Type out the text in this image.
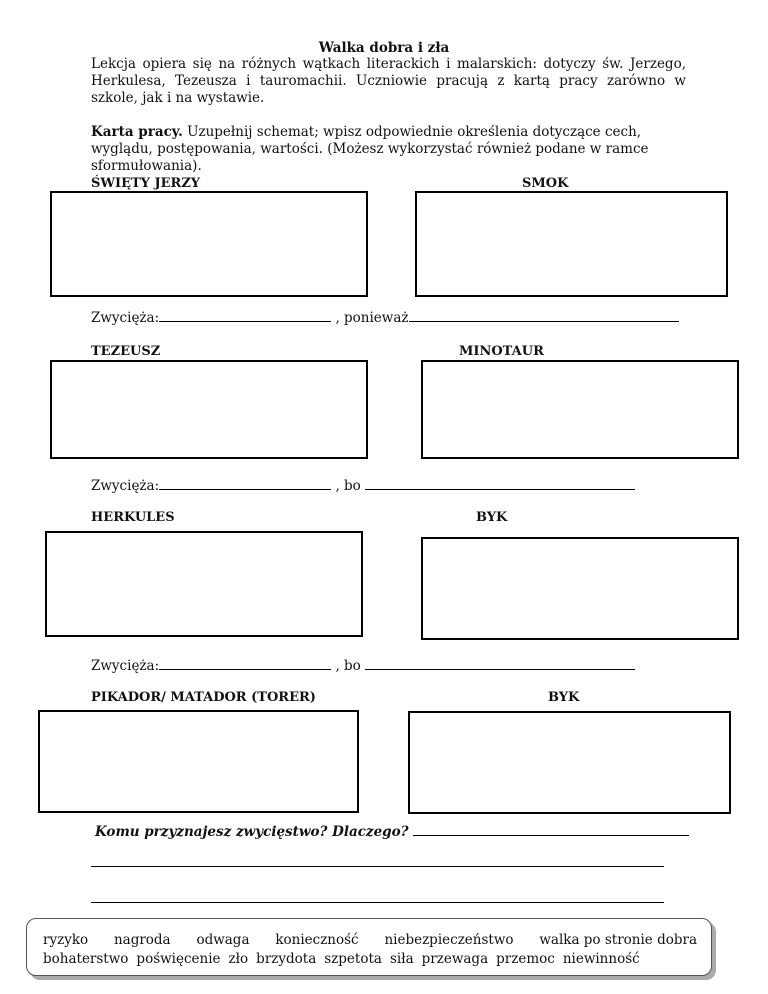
Walka dobra i zła
Lekcja opiera się na różnych wątkach literackich i malarskich: dotyczy św. Jerzego, Herkulesa, Tezeusza i tauromachii. Uczniowie pracują z kartą pracy zarówno w szkole, jak i na wystawie.
Karta pracy. Uzupełnij schemat; wpisz odpowiednie określenia dotyczące cech, wyglądu, postępowania, wartości. (Możesz wykorzystać również podane w ramce sformułowania).
ŚWIĘTY JERZY	SMOK
Zwycięża:	, ponieważ
TEZEUSZ	MINOTAUR
Zwycięża:	, bo
HERKULES	BYK
Zwycięża:	, bo
PIKADOR/ MATADOR (TORER)	BYK
Komu przyznajesz zwycięstwo? Dlaczego?
ryzyko nagroda odwaga konieczność niebezpieczeństwo walka po stronie dobra
bohaterstwo poświęcenie zło brzydota szpetota siła przewaga przemoc niewinność
